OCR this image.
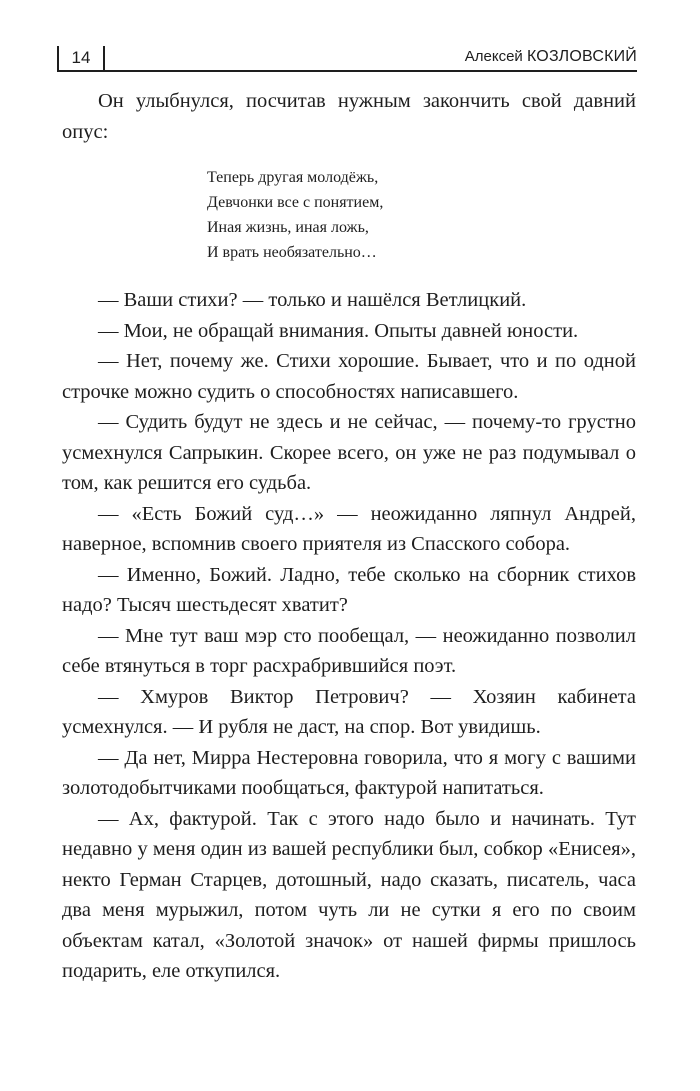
14	Алексей КОЗЛОВСКИЙ

Он улыбнулся, посчитав нужным закончить свой давний опус:

Теперь другая молодёжь,
Девчонки все с понятием,
Иная жизнь, иная ложь,
И врать необязательно…

— Ваши стихи? — только и нашёлся Ветлицкий.

— Мои, не обращай внимания. Опыты давней юности.

— Нет, почему же. Стихи хорошие. Бывает, что и по одной строчке можно судить о способностях написавшего.

— Судить будут не здесь и не сейчас, — почему-то грустно усмехнулся Сапрыкин. Скорее всего, он уже не раз подумывал о том, как решится его судьба.

— «Есть Божий суд…» — неожиданно ляпнул Андрей, наверное, вспомнив своего приятеля из Спасского собора.

— Именно, Божий. Ладно, тебе сколько на сборник стихов надо? Тысяч шестьдесят хватит?

— Мне тут ваш мэр сто пообещал, — неожиданно позволил себе втянуться в торг расхрабрившийся поэт.

— Хмуров Виктор Петрович? — Хозяин кабинета усмехнулся. — И рубля не даст, на спор. Вот увидишь.

— Да нет, Мирра Нестеровна говорила, что я могу с вашими золотодобытчиками пообщаться, фактурой напитаться.

— Ах, фактурой. Так с этого надо было и начинать. Тут недавно у меня один из вашей республики был, собкор «Енисея», некто Герман Старцев, дотошный, надо сказать, писатель, часа два меня мурыжил, потом чуть ли не сутки я его по своим объектам катал, «Золотой значок» от нашей фирмы пришлось подарить, еле откупился.
